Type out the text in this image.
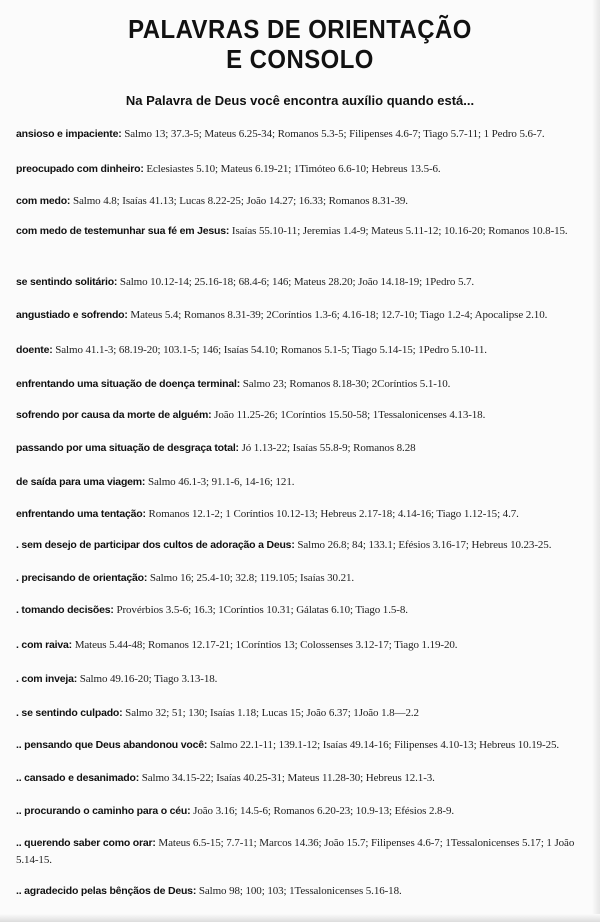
PALAVRAS DE ORIENTAÇÃO
E CONSOLO
Na Palavra de Deus você encontra auxílio quando está...
ansioso e impaciente: Salmo 13; 37.3-5; Mateus 6.25-34; Romanos 5.3-5; Filipenses 4.6-7; Tiago 5.7-11; 1 Pedro 5.6-7.
preocupado com dinheiro: Eclesiastes 5.10; Mateus 6.19-21; 1Timóteo 6.6-10; Hebreus 13.5-6.
com medo: Salmo 4.8; Isaías 41.13; Lucas 8.22-25; João 14.27; 16.33; Romanos 8.31-39.
com medo de testemunhar sua fé em Jesus: Isaías 55.10-11; Jeremias 1.4-9; Mateus 5.11-12; 10.16-20; Romanos 10.8-15.
se sentindo solitário: Salmo 10.12-14; 25.16-18; 68.4-6; 146; Mateus 28.20; João 14.18-19; 1Pedro 5.7.
angustiado e sofrendo: Mateus 5.4; Romanos 8.31-39; 2Coríntios 1.3-6; 4.16-18; 12.7-10; Tiago 1.2-4; Apocalipse 2.10.
doente: Salmo 41.1-3; 68.19-20; 103.1-5; 146; Isaías 54.10; Romanos 5.1-5; Tiago 5.14-15; 1Pedro 5.10-11.
enfrentando uma situação de doença terminal: Salmo 23; Romanos 8.18-30; 2Coríntios 5.1-10.
sofrendo por causa da morte de alguém: João 11.25-26; 1Coríntios 15.50-58; 1Tessalonicenses 4.13-18.
passando por uma situação de desgraça total: Jó 1.13-22; Isaías 55.8-9; Romanos 8.28
de saída para uma viagem: Salmo 46.1-3; 91.1-6, 14-16; 121.
enfrentando uma tentação: Romanos 12.1-2; 1 Coríntios 10.12-13; Hebreus 2.17-18; 4.14-16; Tiago 1.12-15; 4.7.
. sem desejo de participar dos cultos de adoração a Deus: Salmo 26.8; 84; 133.1; Efésios 3.16-17; Hebreus 10.23-25.
. precisando de orientação: Salmo 16; 25.4-10; 32.8; 119.105; Isaías 30.21.
. tomando decisões: Provérbios 3.5-6; 16.3; 1Coríntios 10.31; Gálatas 6.10; Tiago 1.5-8.
. com raiva: Mateus 5.44-48; Romanos 12.17-21; 1Coríntios 13; Colossenses 3.12-17; Tiago 1.19-20.
. com inveja: Salmo 49.16-20; Tiago 3.13-18.
. se sentindo culpado: Salmo 32; 51; 130; Isaías 1.18; Lucas 15; João 6.37; 1João 1.8—2.2
.. pensando que Deus abandonou você: Salmo 22.1-11; 139.1-12; Isaías 49.14-16; Filipenses 4.10-13; Hebreus 10.19-25.
.. cansado e desanimado: Salmo 34.15-22; Isaías 40.25-31; Mateus 11.28-30; Hebreus 12.1-3.
.. procurando o caminho para o céu: João 3.16; 14.5-6; Romanos 6.20-23; 10.9-13; Efésios 2.8-9.
.. querendo saber como orar: Mateus 6.5-15; 7.7-11; Marcos 14.36; João 15.7; Filipenses 4.6-7; 1Tessalonicenses 5.17; 1 João 5.14-15.
.. agradecido pelas bênçãos de Deus: Salmo 98; 100; 103; 1Tessalonicenses 5.16-18.
